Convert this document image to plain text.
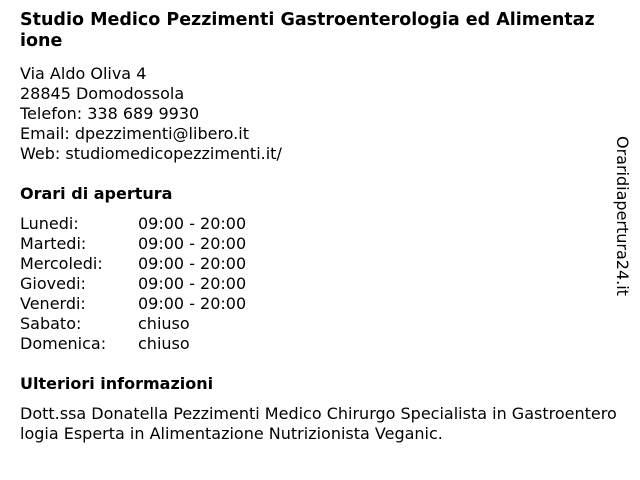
Studio Medico Pezzimenti Gastroenterologia ed Alimentazione
Via Aldo Oliva 4
28845 Domodossola
Telefon: 338 689 9930
Email: dpezzimenti@libero.it
Web: studiomedicopezzimenti.it/
Orari di apertura
Lunedi:	09:00 - 20:00
Martedi:	09:00 - 20:00
Mercoledi:	09:00 - 20:00
Giovedi:	09:00 - 20:00
Venerdi:	09:00 - 20:00
Sabato:	chiuso
Domenica:	chiuso
Ulteriori informazioni
Dott.ssa Donatella Pezzimenti Medico Chirurgo Specialista in Gastroenterologia Esperta in Alimentazione Nutrizionista Veganic.
Oraridiapertura24.it
